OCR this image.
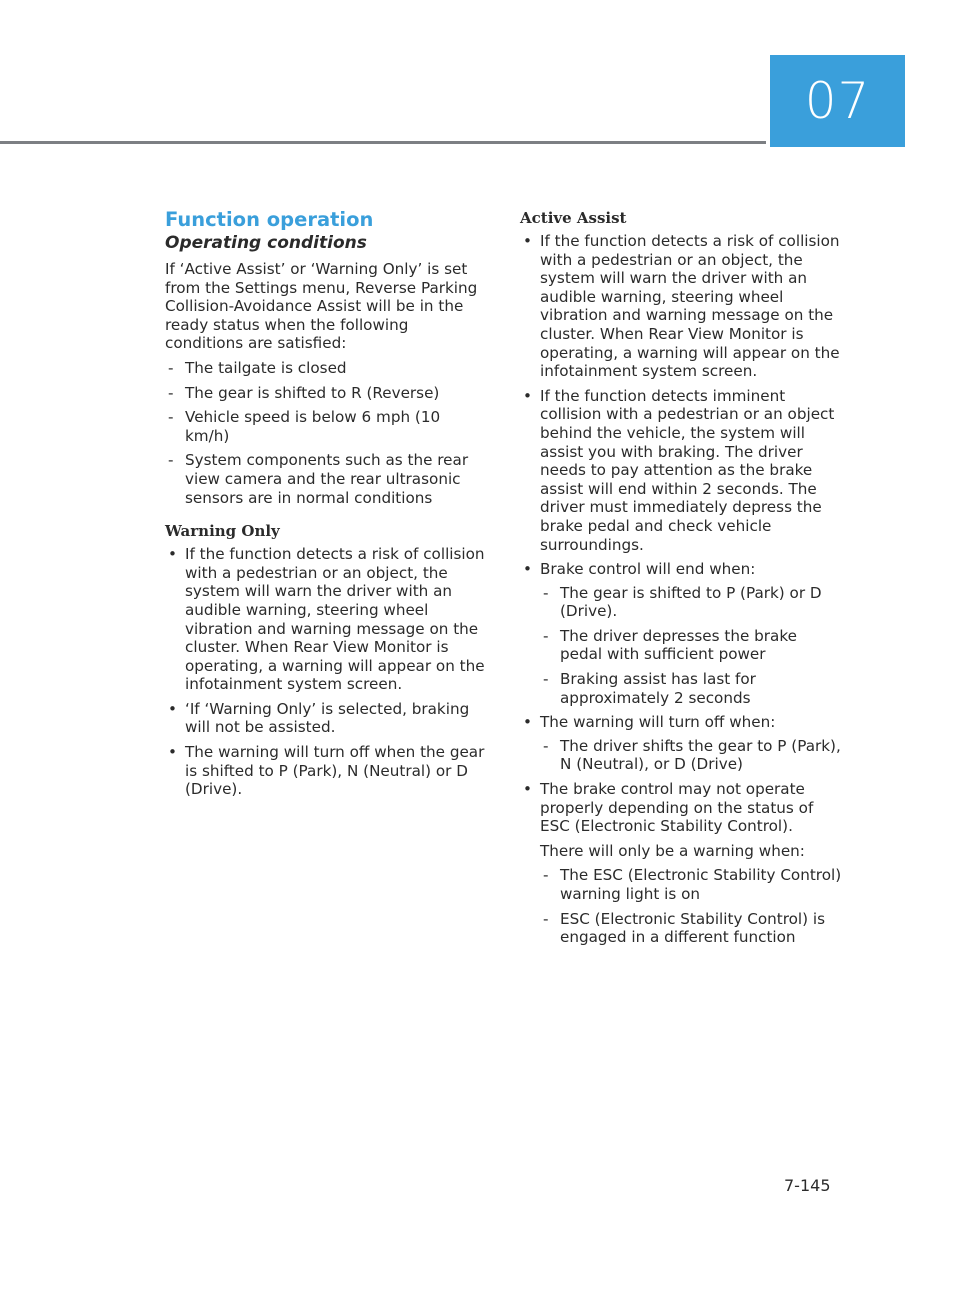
07
Function operation
Operating conditions

If ‘Active Assist’ or ‘Warning Only’ is set from the Settings menu, Reverse Parking Collision-Avoidance Assist will be in the ready status when the following conditions are satisfied:

- The tailgate is closed
- The gear is shifted to R (Reverse)
- Vehicle speed is below 6 mph (10 km/h)
- System components such as the rear view camera and the rear ultrasonic sensors are in normal conditions
Warning Only
• If the function detects a risk of collision with a pedestrian or an object, the system will warn the driver with an audible warning, steering wheel vibration and warning message on the cluster. When Rear View Monitor is operating, a warning will appear on the infotainment system screen.
• ‘If ‘Warning Only’ is selected, braking will not be assisted.
• The warning will turn off when the gear is shifted to P (Park), N (Neutral) or D (Drive).
Active Assist
• If the function detects a risk of collision with a pedestrian or an object, the system will warn the driver with an audible warning, steering wheel vibration and warning message on the cluster. When Rear View Monitor is operating, a warning will appear on the infotainment system screen.
• If the function detects imminent collision with a pedestrian or an object behind the vehicle, the system will assist you with braking. The driver needs to pay attention as the brake assist will end within 2 seconds. The driver must immediately depress the brake pedal and check vehicle surroundings.
• Brake control will end when:
- The gear is shifted to P (Park) or D (Drive).
- The driver depresses the brake pedal with sufficient power
- Braking assist has last for approximately 2 seconds
• The warning will turn off when:
- The driver shifts the gear to P (Park), N (Neutral), or D (Drive)
• The brake control may not operate properly depending on the status of ESC (Electronic Stability Control).

There will only be a warning when:

- The ESC (Electronic Stability Control) warning light is on
- ESC (Electronic Stability Control) is engaged in a different function
7-145
